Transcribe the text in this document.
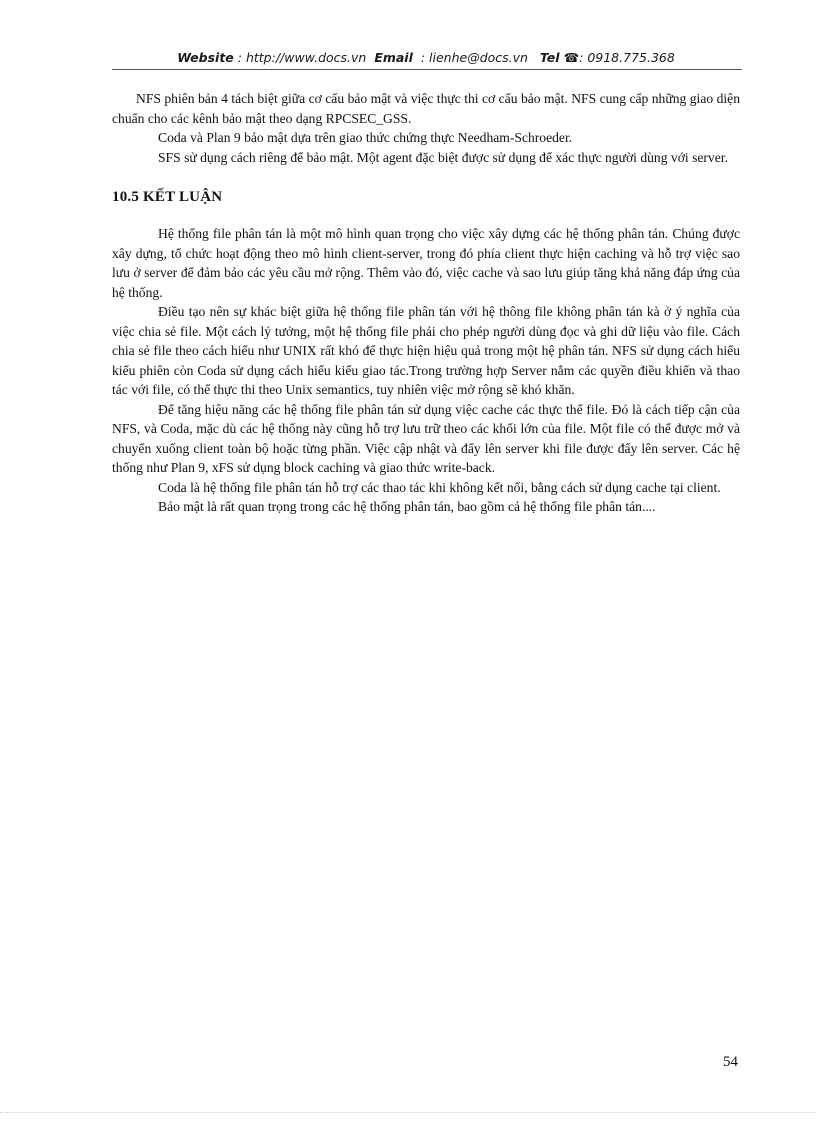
Website : http://www.docs.vn Email : lienhe@docs.vn Tel ☎: 0918.775.368

NFS phiên bản 4 tách biệt giữa cơ cấu bảo mật và việc thực thi cơ cấu bảo mật. NFS cung cấp những giao diện chuẩn cho các kênh bảo mật theo dạng RPCSEC_GSS.

Coda và Plan 9 bảo mật dựa trên giao thức chứng thực Needham-Schroeder.

SFS sử dụng cách riêng để bảo mật. Một agent đặc biệt được sử dụng để xác thực người dùng với server.

10.5 KẾT LUẬN

Hệ thống file phân tán là một mô hình quan trọng cho việc xây dựng các hệ thống phân tán. Chúng được xây dựng, tổ chức hoạt động theo mô hình client-server, trong đó phía client thực hiện caching và hỗ trợ việc sao lưu ở server để đảm bảo các yêu cầu mở rộng. Thêm vào đó, việc cache và sao lưu giúp tăng khả năng đáp ứng của hệ thống.

Điều tạo nên sự khác biệt giữa hệ thống file phân tán với hệ thông file không phân tán kà ở ý nghĩa của việc chia sẻ file. Một cách lý tưởng, một hệ thống file phải cho phép người dùng đọc và ghi dữ liệu vào file. Cách chia sẻ file theo cách hiểu như UNIX rất khó để thực hiện hiệu quả trong một hệ phân tán. NFS sử dụng cách hiểu kiểu phiên còn Coda sử dụng cách hiểu kiểu giao tác.Trong trường hợp Server nắm các quyền điều khiển và thao tác với file, có thể thực thi theo Unix semantics, tuy nhiên việc mở rộng sẽ khó khăn.

Để tăng hiệu năng các hệ thống file phân tán sử dụng việc cache các thực thể file. Đó là cách tiếp cận của NFS, và Coda, mặc dù các hệ thống này cũng hỗ trợ lưu trữ theo các khối lớn của file. Một file có thể được mở và chuyển xuống client toàn bộ hoặc từng phần. Việc cập nhật và đẩy lên server khi file được đẩy lên server. Các hệ thống như Plan 9, xFS sử dụng block caching và giao thức write-back.

Coda là hệ thống file phân tán hỗ trợ các thao tác khi không kết nối, bằng cách sử dụng cache tại client.

Bảo mật là rất quan trọng trong các hệ thống phân tán, bao gồm cả hệ thống file phân tán....

54
